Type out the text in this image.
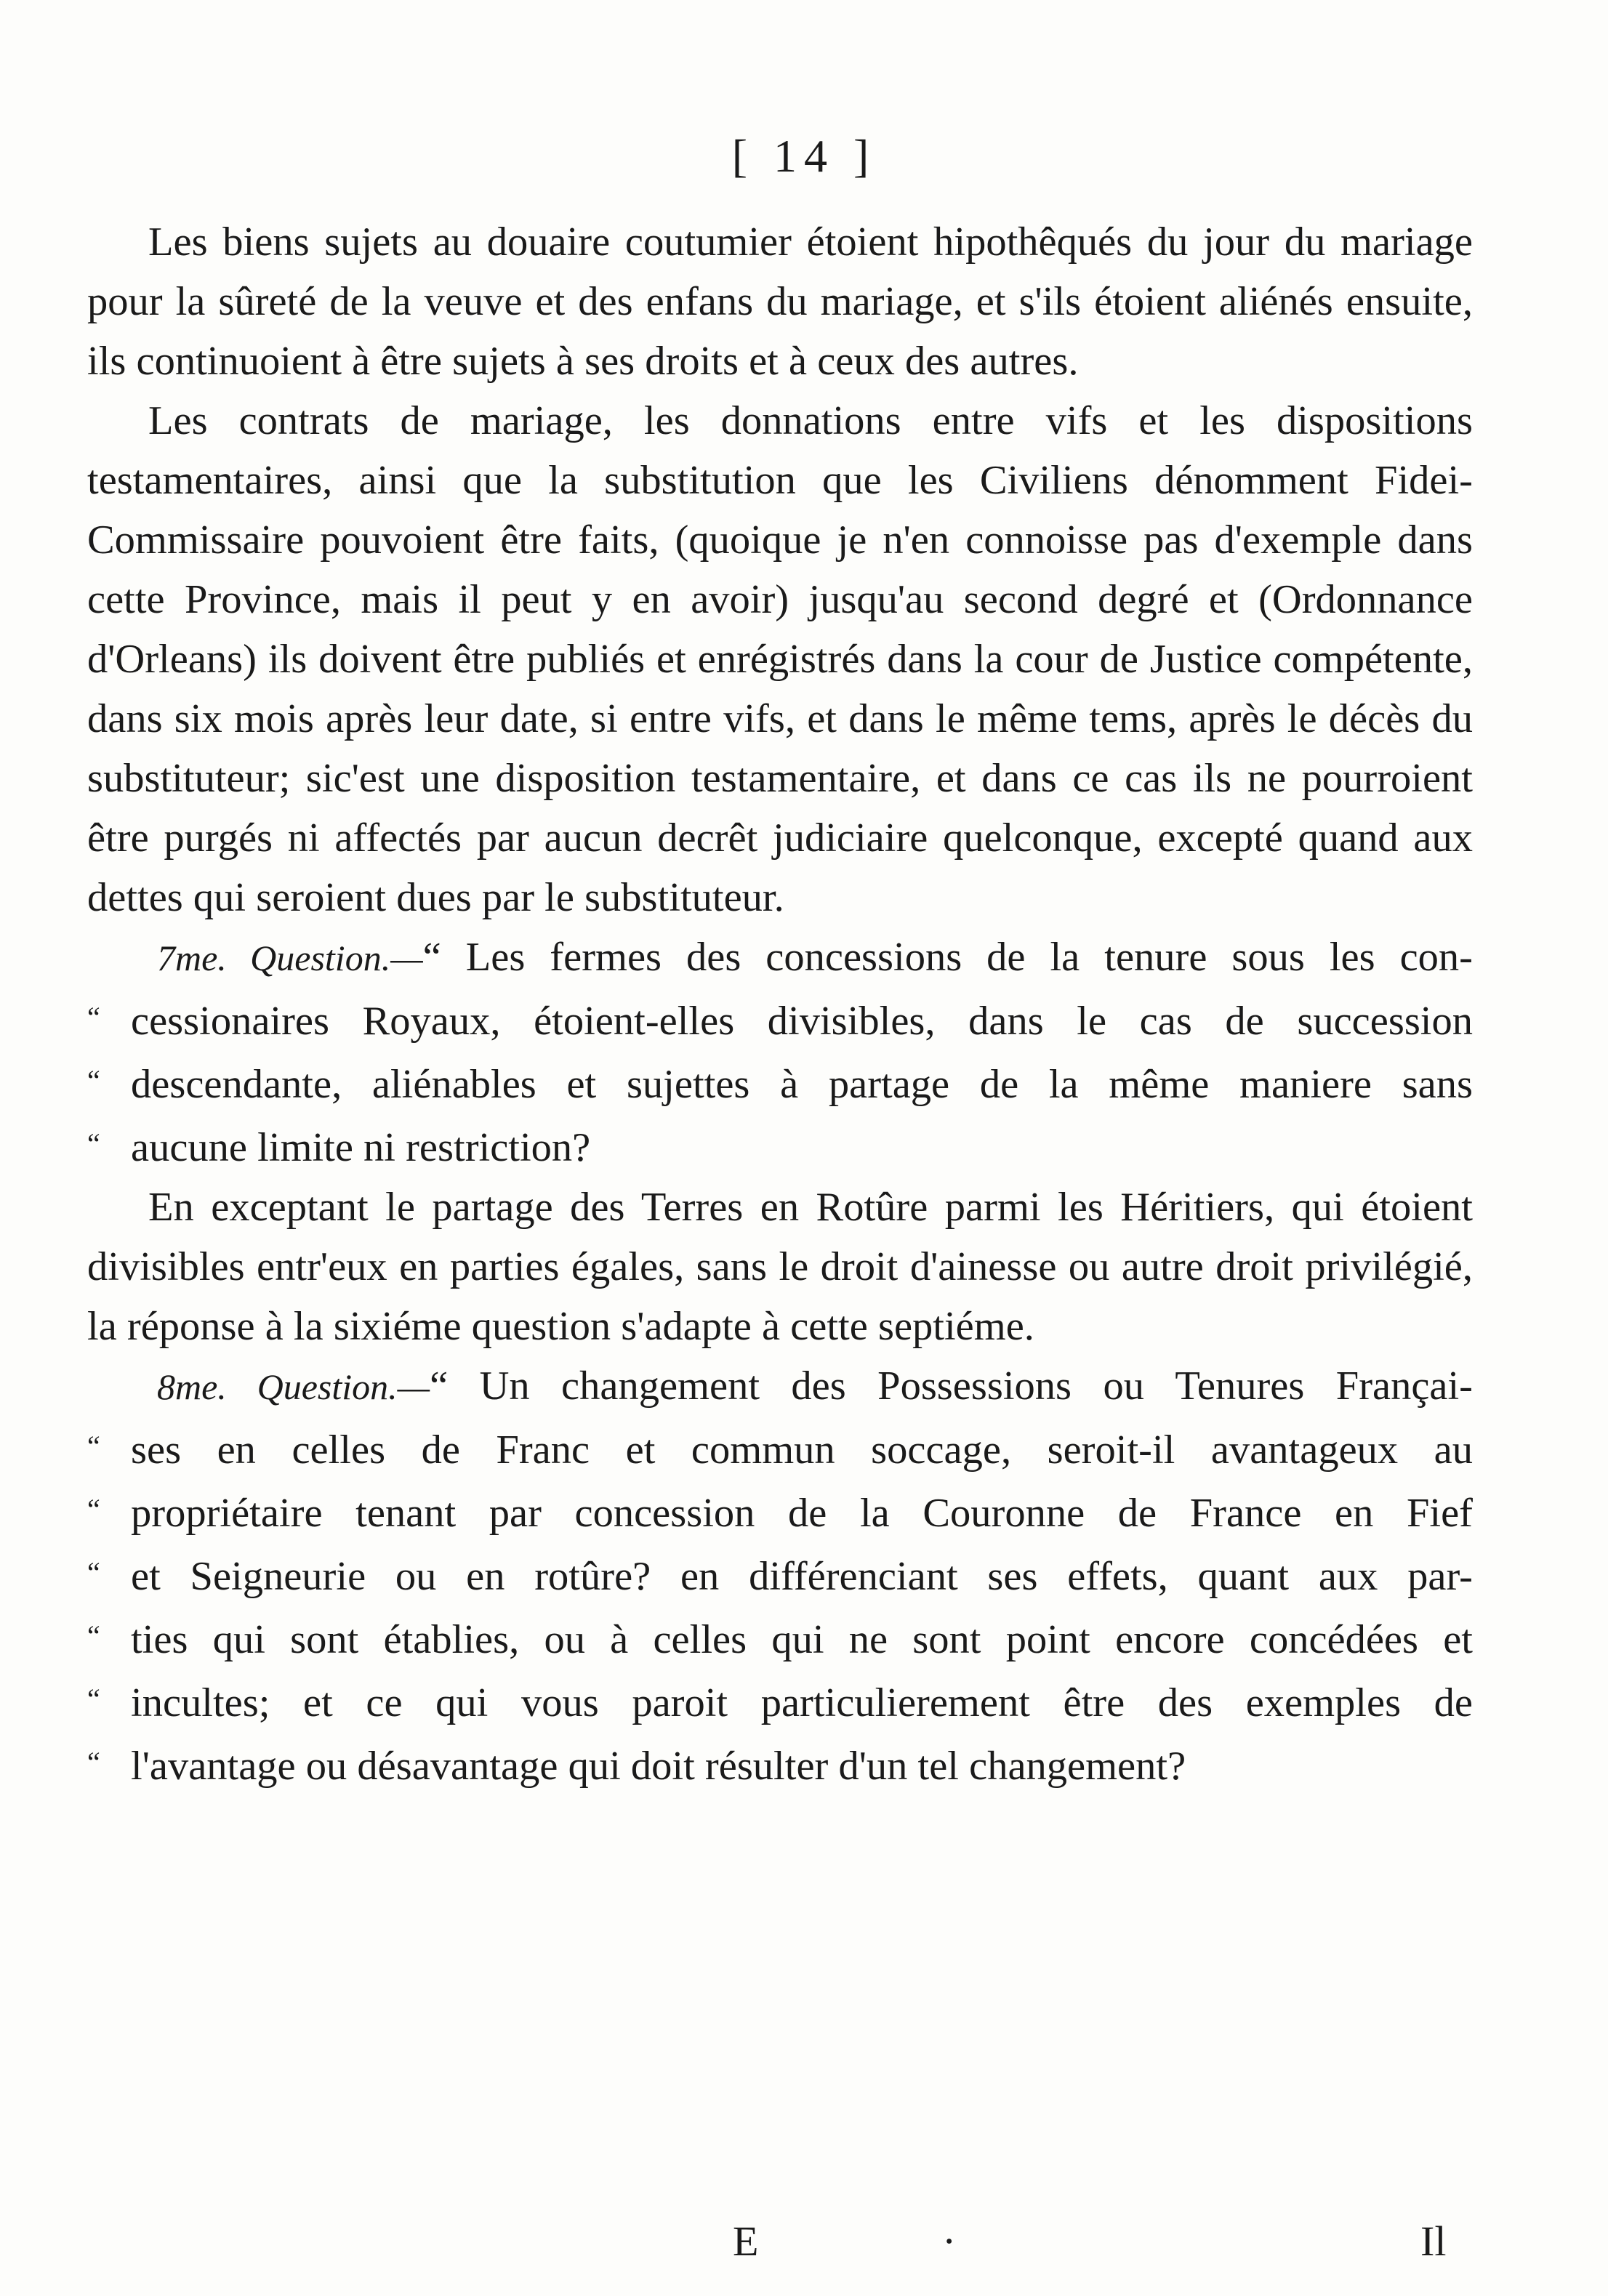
[ 14 ]

Les biens sujets au douaire coutumier étoient hipothêqués du jour du mariage pour la sûreté de la veuve et des enfans du mariage, et s'ils étoient aliénés ensuite, ils continuoient à être sujets à ses droits et à ceux des autres.

Les contrats de mariage, les donnations entre vifs et les dispositions testamentaires, ainsi que la substitution que les Civiliens dénomment Fidei-Commissaire pouvoient être faits, (quoique je n'en connoisse pas d'exemple dans cette Province, mais il peut y en avoir) jusqu'au second degré et (Ordonnance d'Orleans) ils doivent être publiés et enrégistrés dans la cour de Justice compétente, dans six mois après leur date, si entre vifs, et dans le même tems, après le décès du substituteur; sic'est une disposition testamentaire, et dans ce cas ils ne pourroient être purgés ni affectés par aucun decrêt judiciaire quelconque, excepté quand aux dettes qui seroient dues par le substituteur.

7me. Question.—“ Les fermes des concessions de la tenure sous les con-
“ cessionaires Royaux, étoient-elles divisibles, dans le cas de succession
“ descendante, aliénables et sujettes à partage de la même maniere sans
“ aucune limite ni restriction?

En exceptant le partage des Terres en Rotûre parmi les Héritiers, qui étoient divisibles entr'eux en parties égales, sans le droit d'ainesse ou autre droit privilégié, la réponse à la sixiéme question s'adapte à cette septiéme.

8me. Question.—“ Un changement des Possessions ou Tenures Françai-
“ ses en celles de Franc et commun soccage, seroit-il avantageux au
“ propriétaire tenant par concession de la Couronne de France en Fief
“ et Seigneurie ou en rotûre? en différenciant ses effets, quant aux par-
“ ties qui sont établies, ou à celles qui ne sont point encore concédées et
“ incultes; et ce qui vous paroit particulierement être des exemples de
“ l'avantage ou désavantage qui doit résulter d'un tel changement?
E	·	Il
